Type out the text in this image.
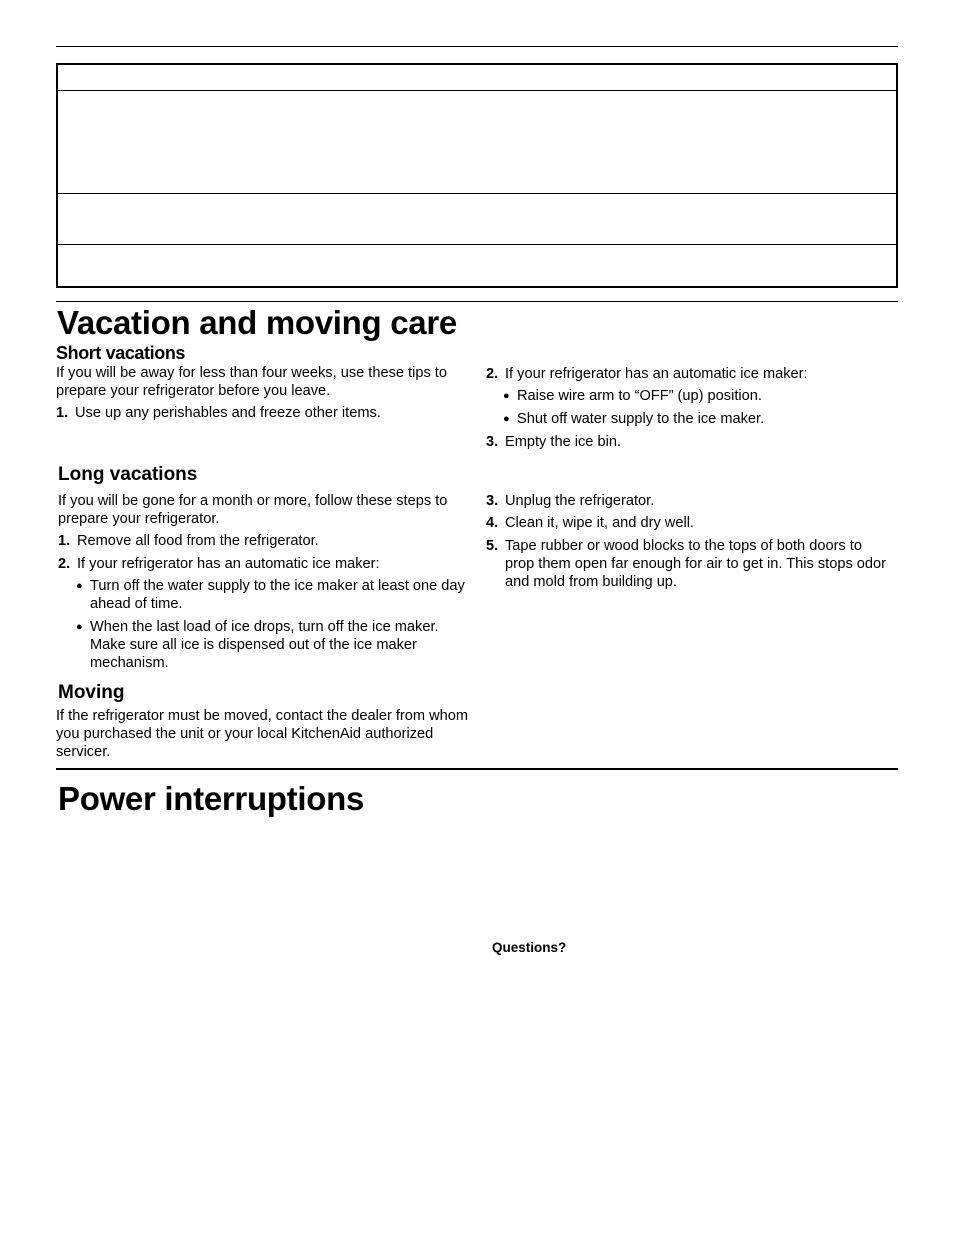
Vacation and moving care
Short vacations
If you will be away for less than four weeks, use these tips to prepare your refrigerator before you leave.
1. Use up any perishables and freeze other items.
2. If your refrigerator has an automatic ice maker:
● Raise wire arm to “OFF” (up) position.
● Shut off water supply to the ice maker.
3. Empty the ice bin.
Long vacations
If you will be gone for a month or more, follow these steps to prepare your refrigerator.
1. Remove all food from the refrigerator.
2. If your refrigerator has an automatic ice maker:
● Turn off the water supply to the ice maker at least one day ahead of time.
● When the last load of ice drops, turn off the ice maker. Make sure all ice is dispensed out of the ice maker mechanism.
3. Unplug the refrigerator.
4. Clean it, wipe it, and dry well.
5. Tape rubber or wood blocks to the tops of both doors to prop them open far enough for air to get in. This stops odor and mold from building up.
Moving
If the refrigerator must be moved, contact the dealer from whom you purchased the unit or your local KitchenAid authorized servicer.
Power interruptions
Questions?
